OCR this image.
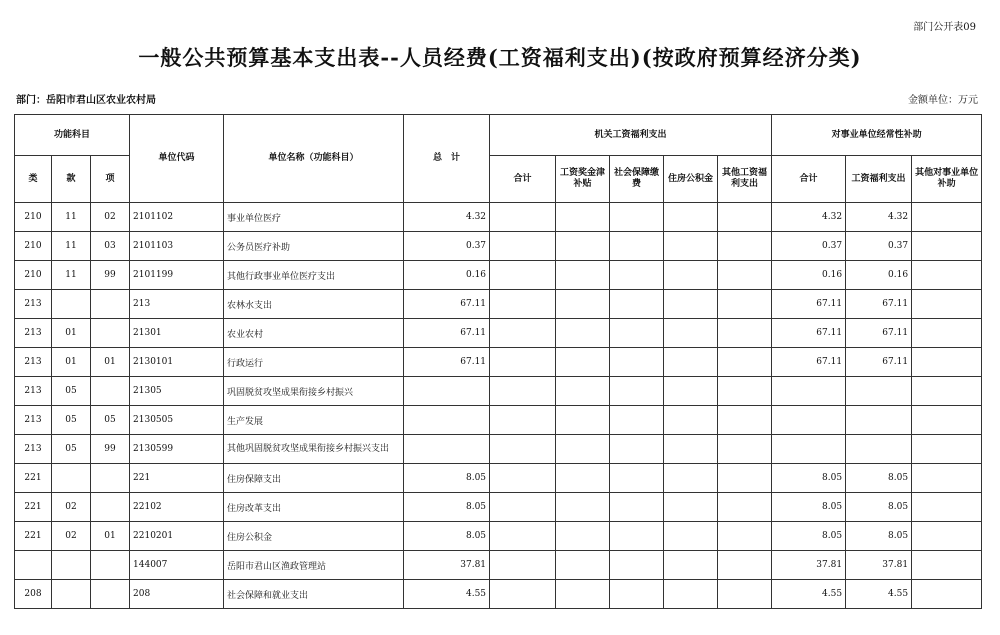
部门公开表09
一般公共预算基本支出表--人员经费(工资福利支出)(按政府预算经济分类)
部门：岳阳市君山区农业农村局	金额单位：万元
功能科目			单位代码	单位名称（功能科目）	总　计	机关工资福利支出					对事业单位经常性补助		
类	款	项				合计	工资奖金津补贴	社会保障缴费	住房公积金	其他工资福利支出	合计	工资福利支出	其他对事业单位补助
210	11	02	2101102	事业单位医疗	4.32						4.32	4.32	
210	11	03	2101103	公务员医疗补助	0.37						0.37	0.37	
210	11	99	2101199	其他行政事业单位医疗支出	0.16						0.16	0.16	
213			213	农林水支出	67.11						67.11	67.11	
213	01		21301	农业农村	67.11						67.11	67.11	
213	01	01	2130101	行政运行	67.11						67.11	67.11	
213	05		21305	巩固脱贫攻坚成果衔接乡村振兴									
213	05	05	2130505	生产发展									
213	05	99	2130599	其他巩固脱贫攻坚成果衔接乡村振兴支出									
221			221	住房保障支出	8.05						8.05	8.05	
221	02		22102	住房改革支出	8.05						8.05	8.05	
221	02	01	2210201	住房公积金	8.05						8.05	8.05	
			144007	岳阳市君山区渔政管理站	37.81						37.81	37.81	
208			208	社会保障和就业支出	4.55						4.55	4.55	
